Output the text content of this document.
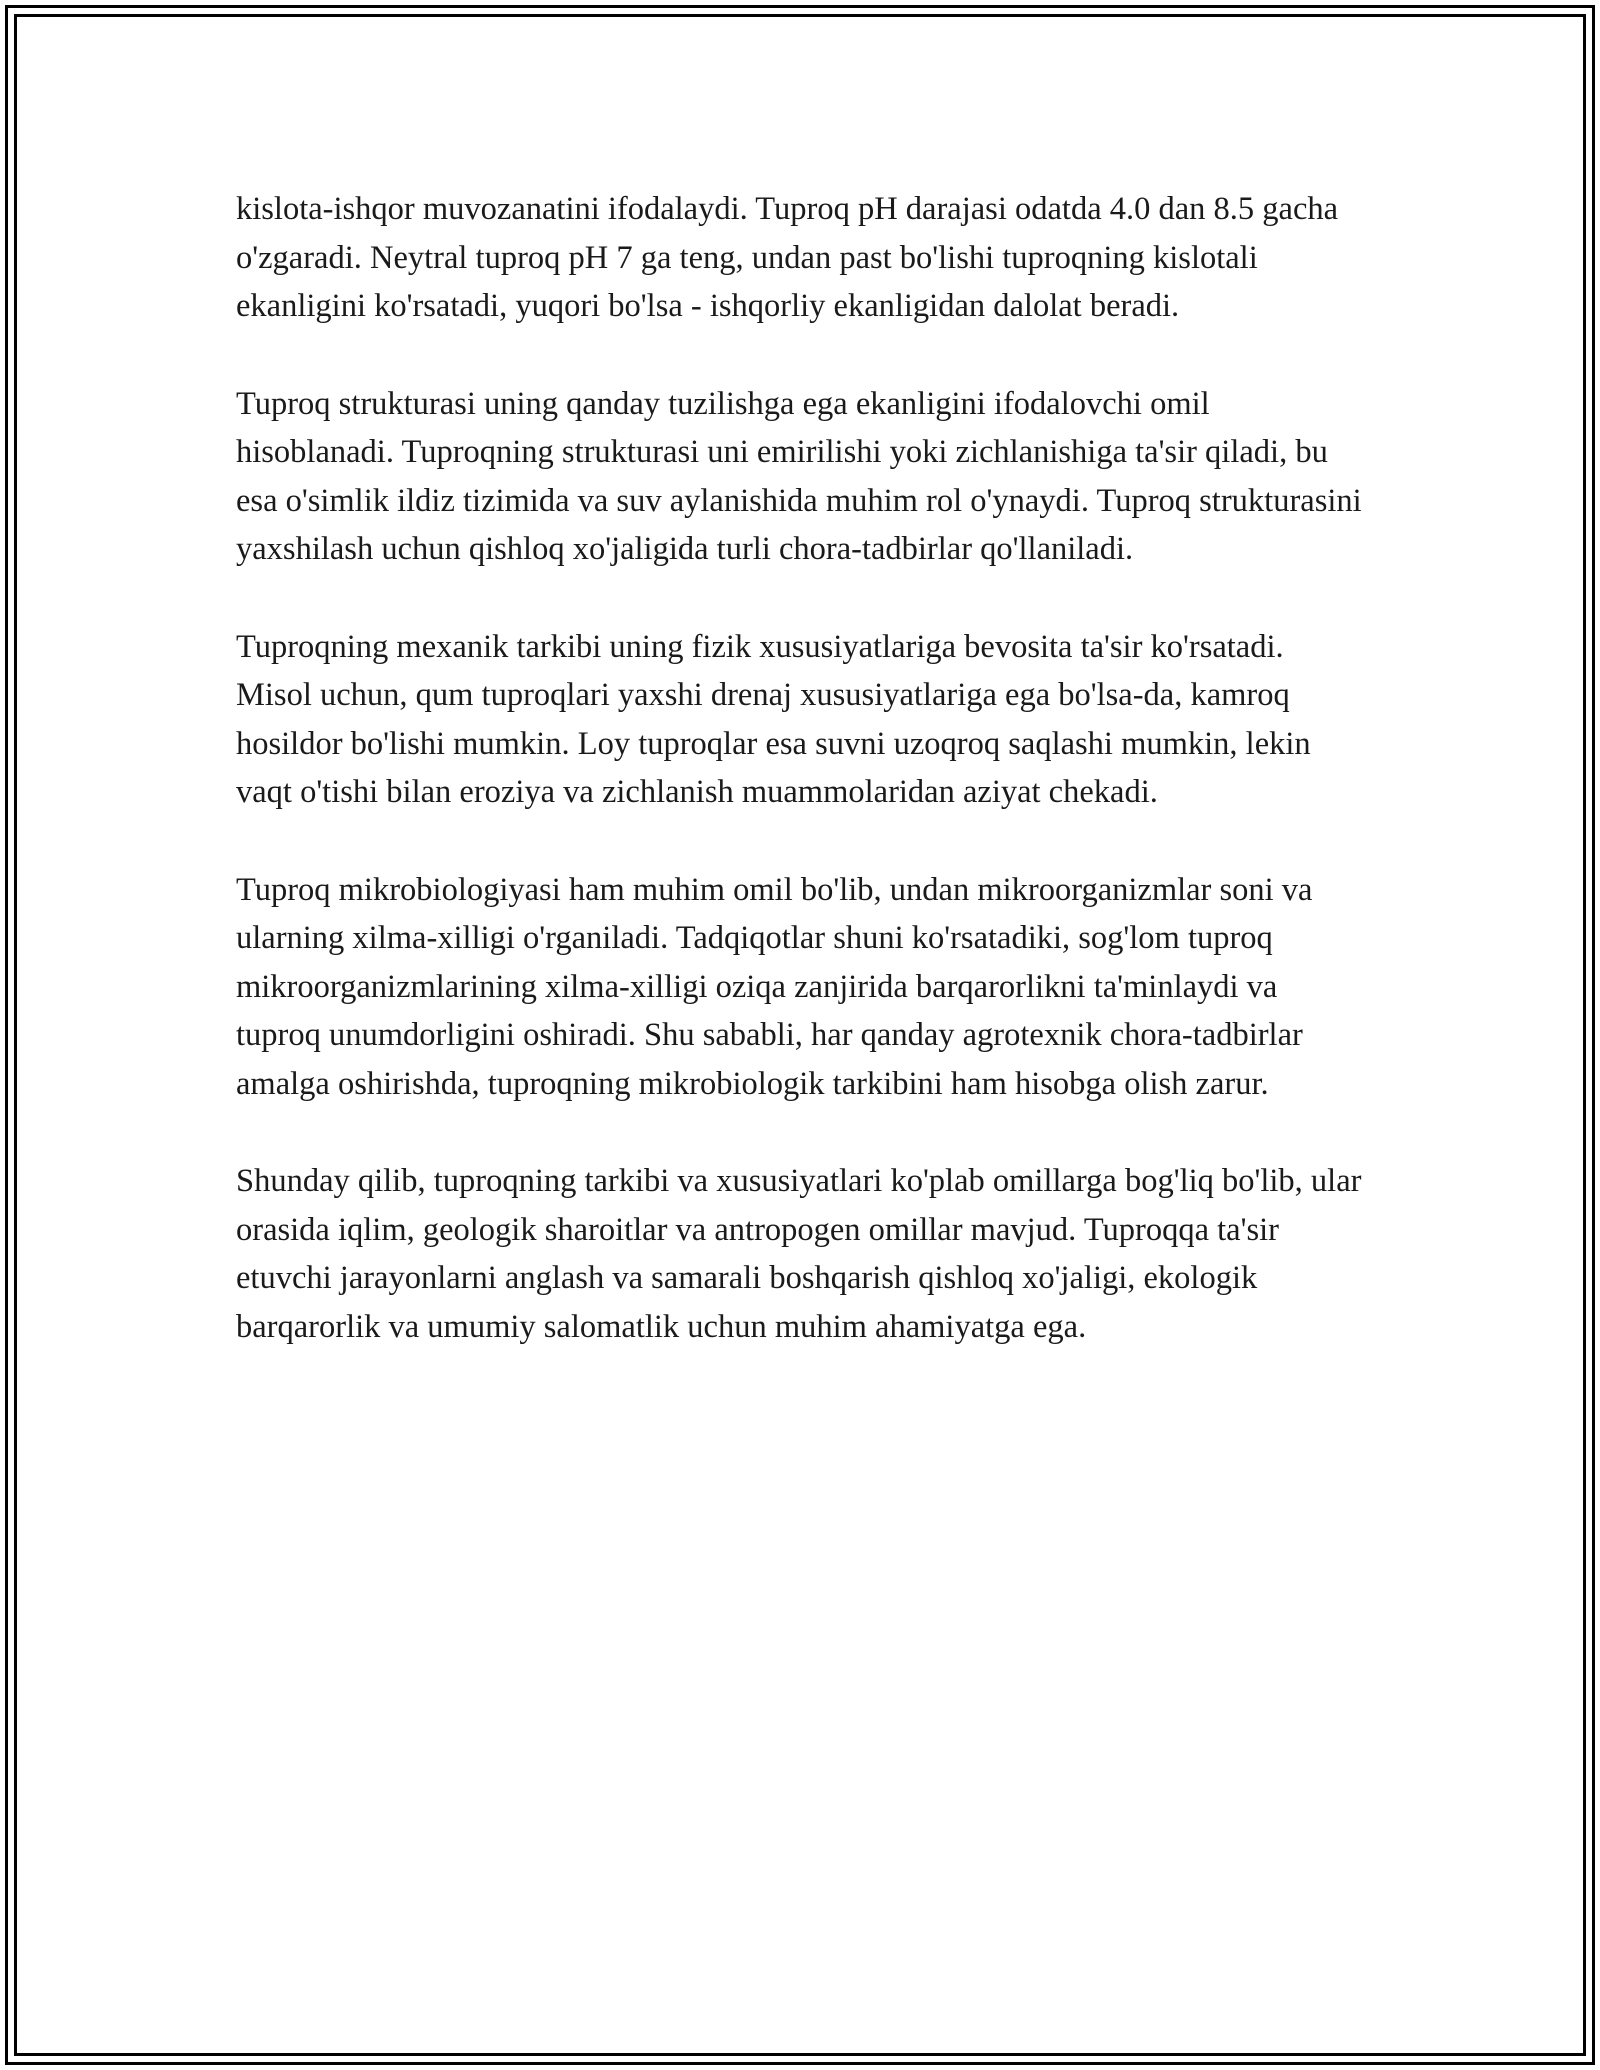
kislota-ishqor muvozanatini ifodalaydi. Tuproq pH darajasi odatda 4.0 dan 8.5 gacha o'zgaradi. Neytral tuproq pH 7 ga teng, undan past bo'lishi tuproqning kislotali ekanligini ko'rsatadi, yuqori bo'lsa - ishqorliy ekanligidan dalolat beradi.

Tuproq strukturasi uning qanday tuzilishga ega ekanligini ifodalovchi omil hisoblanadi. Tuproqning strukturasi uni emirilishi yoki zichlanishiga ta'sir qiladi, bu esa o'simlik ildiz tizimida va suv aylanishida muhim rol o'ynaydi. Tuproq strukturasini yaxshilash uchun qishloq xo'jaligida turli chora-tadbirlar qo'llaniladi.

Tuproqning mexanik tarkibi uning fizik xususiyatlariga bevosita ta'sir ko'rsatadi. Misol uchun, qum tuproqlari yaxshi drenaj xususiyatlariga ega bo'lsa-da, kamroq hosildor bo'lishi mumkin. Loy tuproqlar esa suvni uzoqroq saqlashi mumkin, lekin vaqt o'tishi bilan eroziya va zichlanish muammolaridan aziyat chekadi.

Tuproq mikrobiologiyasi ham muhim omil bo'lib, undan mikroorganizmlar soni va ularning xilma-xilligi o'rganiladi. Tadqiqotlar shuni ko'rsatadiki, sog'lom tuproq mikroorganizmlarining xilma-xilligi oziqa zanjirida barqarorlikni ta'minlaydi va tuproq unumdorligini oshiradi. Shu sababli, har qanday agrotexnik chora-tadbirlar amalga oshirishda, tuproqning mikrobiologik tarkibini ham hisobga olish zarur.

Shunday qilib, tuproqning tarkibi va xususiyatlari ko'plab omillarga bog'liq bo'lib, ular orasida iqlim, geologik sharoitlar va antropogen omillar mavjud. Tuproqqa ta'sir etuvchi jarayonlarni anglash va samarali boshqarish qishloq xo'jaligi, ekologik barqarorlik va umumiy salomatlik uchun muhim ahamiyatga ega.
